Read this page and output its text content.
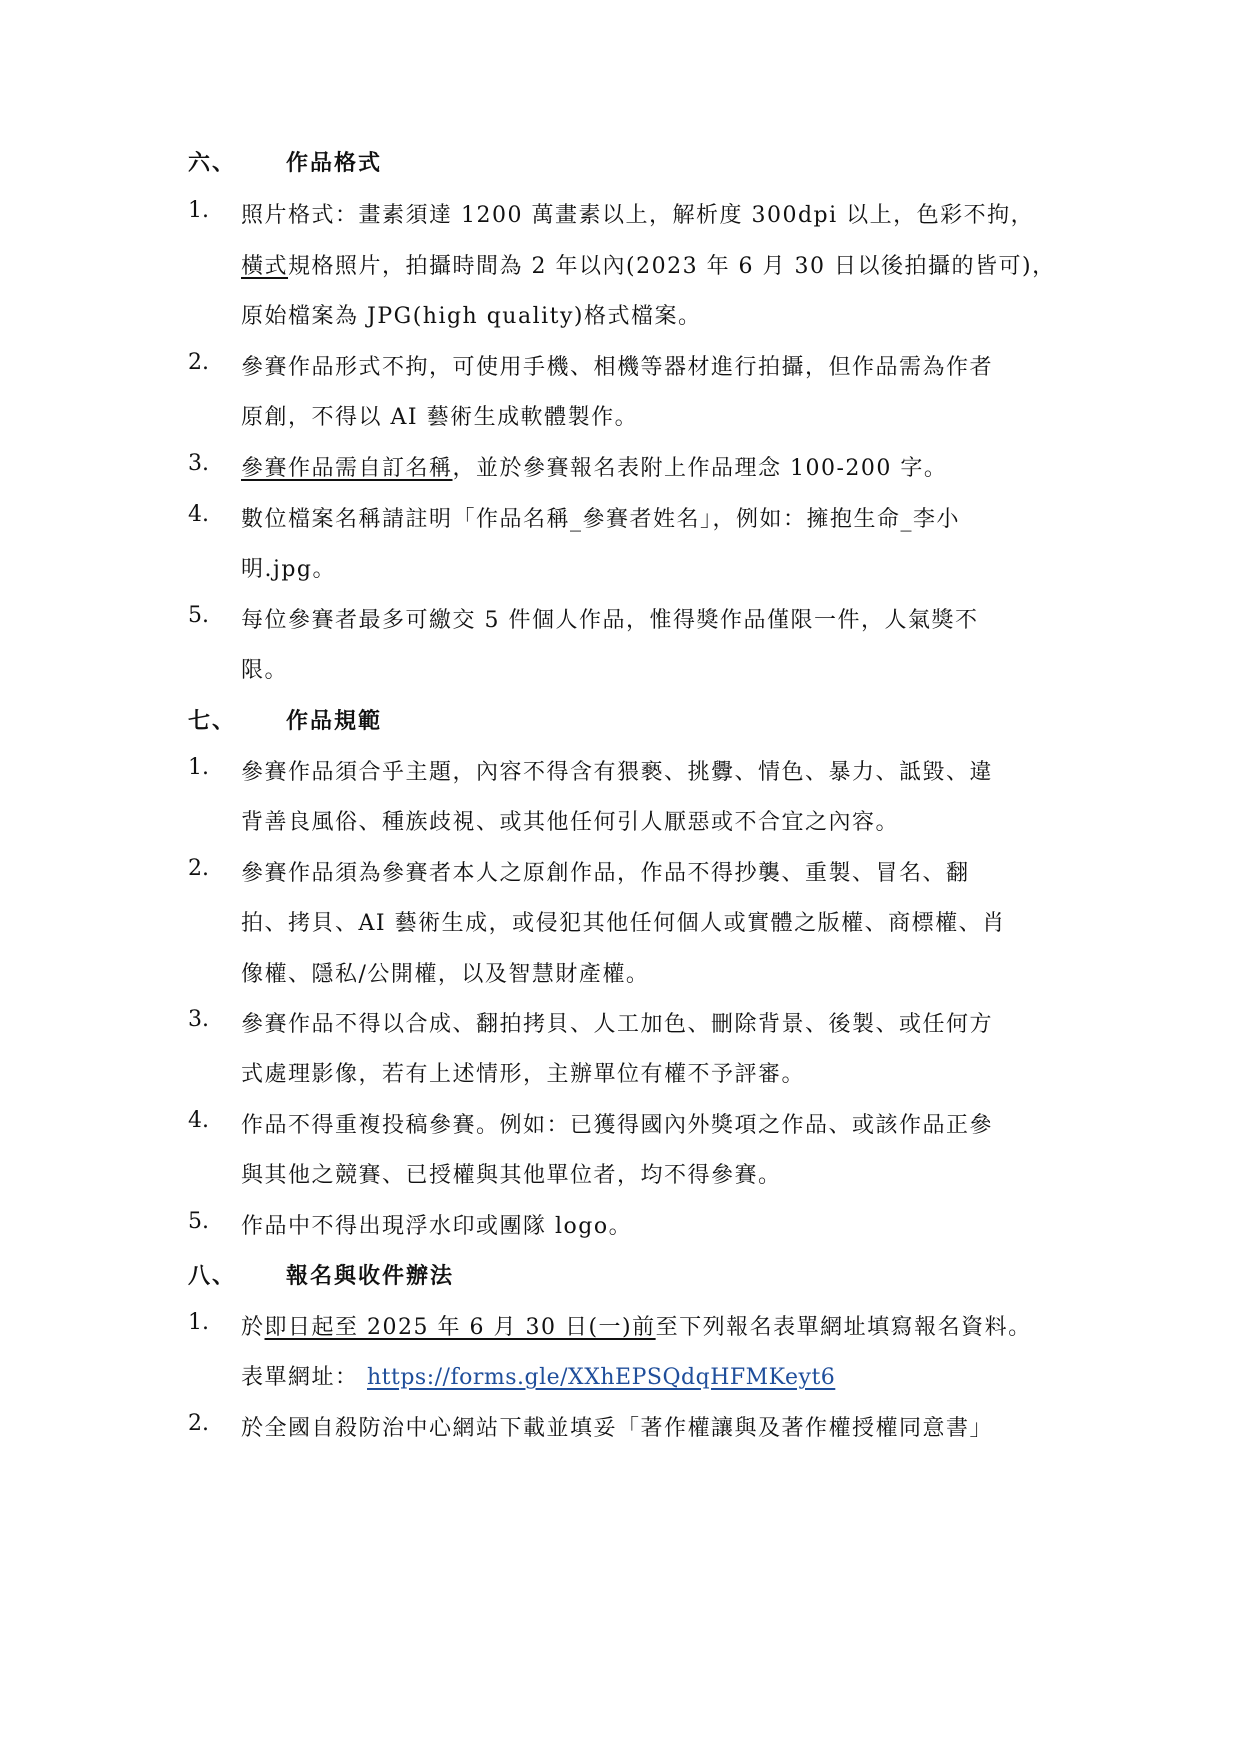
六、 作品格式
1. 照片格式：畫素須達 1200 萬畫素以上，解析度 300dpi 以上，色彩不拘，
橫式規格照片，拍攝時間為 2 年以內(2023 年 6 月 30 日以後拍攝的皆可)，
原始檔案為 JPG(high quality)格式檔案。
2. 參賽作品形式不拘，可使用手機、相機等器材進行拍攝，但作品需為作者
原創，不得以 AI 藝術生成軟體製作。
3. 參賽作品需自訂名稱，並於參賽報名表附上作品理念 100-200 字。
4. 數位檔案名稱請註明「作品名稱_參賽者姓名」，例如：擁抱生命_李小
明.jpg。
5. 每位參賽者最多可繳交 5 件個人作品，惟得獎作品僅限一件，人氣獎不
限。
七、 作品規範
1. 參賽作品須合乎主題，內容不得含有猥褻、挑釁、情色、暴力、詆毀、違
背善良風俗、種族歧視、或其他任何引人厭惡或不合宜之內容。
2. 參賽作品須為參賽者本人之原創作品，作品不得抄襲、重製、冒名、翻
拍、拷貝、AI 藝術生成，或侵犯其他任何個人或實體之版權、商標權、肖
像權、隱私/公開權，以及智慧財產權。
3. 參賽作品不得以合成、翻拍拷貝、人工加色、刪除背景、後製、或任何方
式處理影像，若有上述情形，主辦單位有權不予評審。
4. 作品不得重複投稿參賽。例如：已獲得國內外獎項之作品、或該作品正參
與其他之競賽、已授權與其他單位者，均不得參賽。
5. 作品中不得出現浮水印或團隊 logo。
八、 報名與收件辦法
1. 於即日起至 2025 年 6 月 30 日(一)前至下列報名表單網址填寫報名資料。
表單網址： https://forms.gle/XXhEPSQdqHFMKeyt6
2. 於全國自殺防治中心網站下載並填妥「著作權讓與及著作權授權同意書」
